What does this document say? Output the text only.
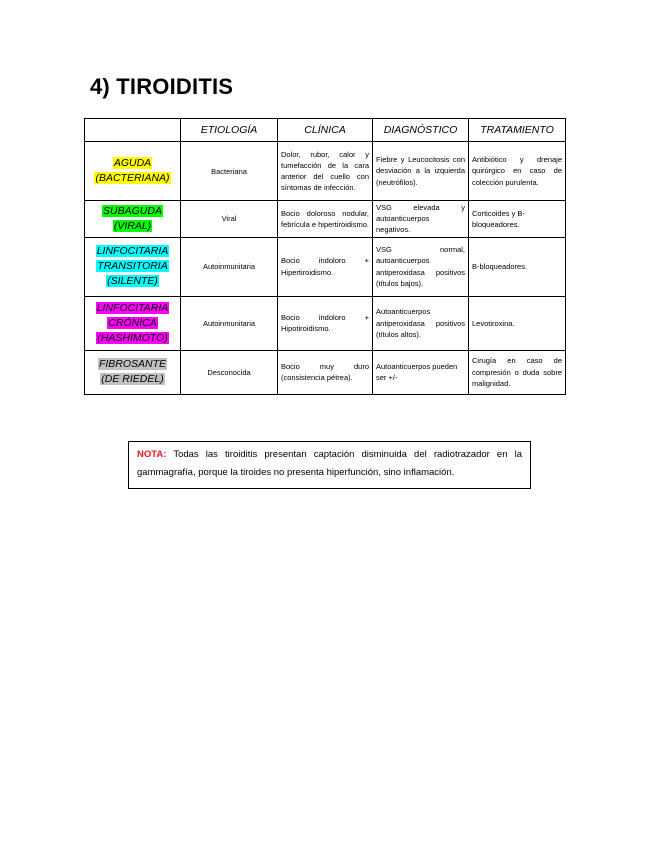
4) TIROIDITIS
	ETIOLOGÍA	CLÍNICA	DIAGNÓSTICO	TRATAMIENTO
AGUDA
(BACTERIANA)	Bacteriana	Dolor, rubor, calor y tumefacción de la cara anterior del cuello con síntomas de infección.	Fiebre y Leucocitosis con desviación a la izquierda (neutrófilos).	Antibiótico y drenaje quirúrgico en caso de colección purulenta.
SUBAGUDA
(VIRAL)	Viral	Bocio doloroso nodular, febrícula e hipertiroidismo.	VSG elevada y autoanticuerpos negativos.	Corticoides y B-bloqueadores.
LINFOCITARIA
TRANSITORIA
(SILENTE)	Autoinmunitaria	Bocio indoloro + Hipertiroidismo.	VSG normal, autoanticuerpos antiperoxidasa positivos (títulos bajos).	B-bloqueadores.
LINFOCITARIA
CRÓNICA
(HASHIMOTO)	Autoinmunitaria	Bocio indoloro + Hipotiroidismo.	Autoanticuerpos antiperoxidasa positivos (títulos altos).	Levotiroxina.
FIBROSANTE
(DE RIEDEL)	Desconocida	Bocio muy duro (consistencia pétrea).	Autoanticuerpos pueden ser +/-	Cirugía en caso de compresión o duda sobre malignidad.
NOTA: Todas las tiroiditis presentan captación disminuida del radiotrazador en la gammagrafía, porque la tiroides no presenta hiperfunción, sino inflamación.
